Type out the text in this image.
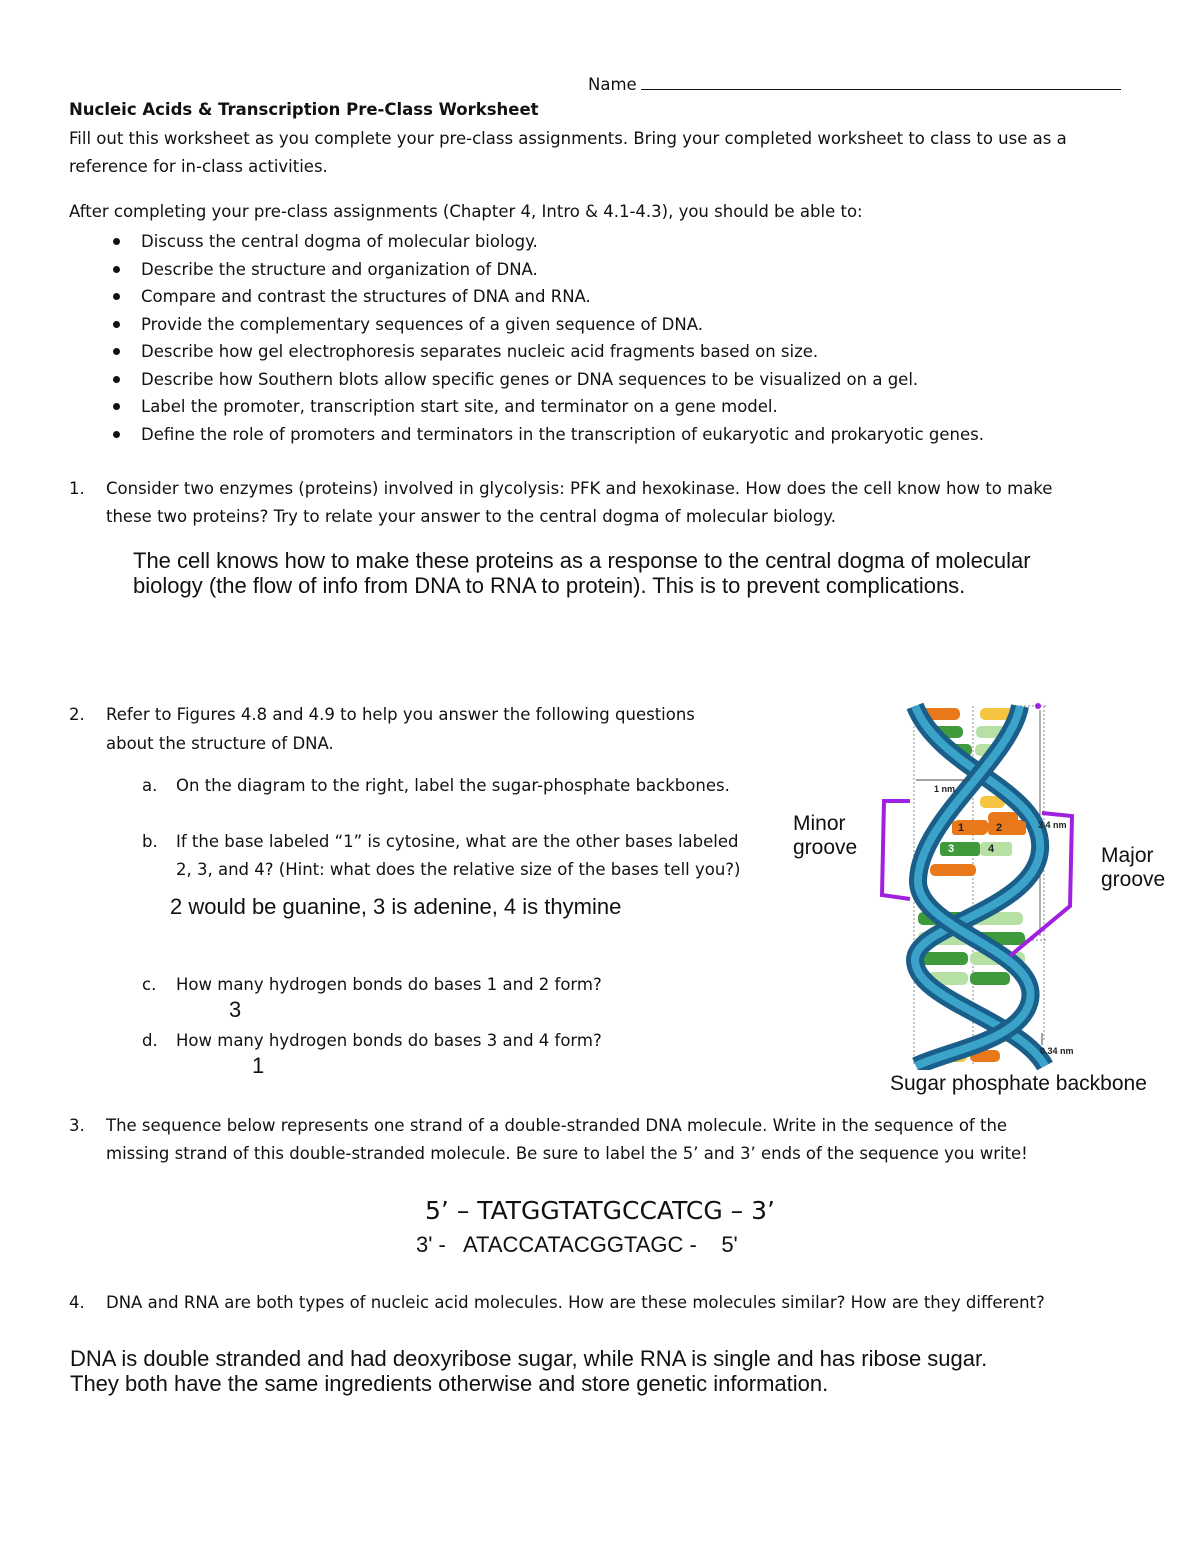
Name
Nucleic Acids & Transcription Pre-Class Worksheet
Fill out this worksheet as you complete your pre-class assignments. Bring your completed worksheet to class to use as a
reference for in-class activities.
After completing your pre-class assignments (Chapter 4, Intro & 4.1-4.3), you should be able to:
Discuss the central dogma of molecular biology.
Describe the structure and organization of DNA.
Compare and contrast the structures of DNA and RNA.
Provide the complementary sequences of a given sequence of DNA.
Describe how gel electrophoresis separates nucleic acid fragments based on size.
Describe how Southern blots allow specific genes or DNA sequences to be visualized on a gel.
Label the promoter, transcription start site, and terminator on a gene model.
Define the role of promoters and terminators in the transcription of eukaryotic and prokaryotic genes.
1. Consider two enzymes (proteins) involved in glycolysis: PFK and hexokinase. How does the cell know how to make
these two proteins? Try to relate your answer to the central dogma of molecular biology.
The cell knows how to make these proteins as a response to the central dogma of molecular
biology (the flow of info from DNA to RNA to protein). This is to prevent complications.
2. Refer to Figures 4.8 and 4.9 to help you answer the following questions
about the structure of DNA.
a. On the diagram to the right, label the sugar-phosphate backbones.
b. If the base labeled “1” is cytosine, what are the other bases labeled
2, 3, and 4? (Hint: what does the relative size of the bases tell you?)
2 would be guanine, 3 is adenine, 4 is thymine
c. How many hydrogen bonds do bases 1 and 2 form?
3
d. How many hydrogen bonds do bases 3 and 4 form?
1
1 nm
3.4 nm
0.34 nm
1	2
3	4
Minor
groove	Major
groove
Sugar phosphate backbone
3. The sequence below represents one strand of a double-stranded DNA molecule. Write in the sequence of the
missing strand of this double-stranded molecule. Be sure to label the 5’ and 3’ ends of the sequence you write!
5’ – TATGGTATGCCATCG – 3’
3' - ATACCATACGGTAGC - 5'
4. DNA and RNA are both types of nucleic acid molecules. How are these molecules similar? How are they different?
DNA is double stranded and had deoxyribose sugar, while RNA is single and has ribose sugar.
They both have the same ingredients otherwise and store genetic information.
